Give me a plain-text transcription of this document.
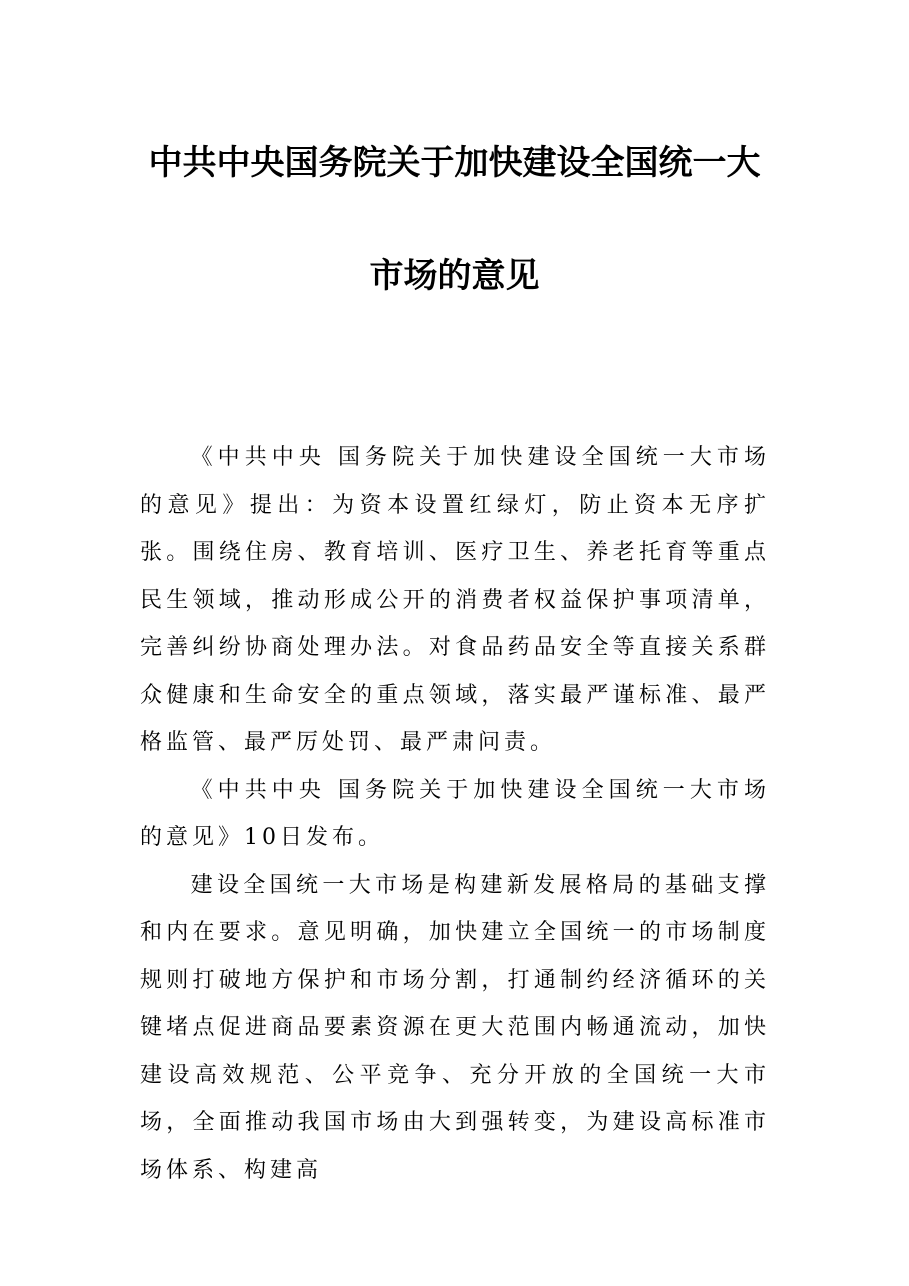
中共中央国务院关于加快建设全国统一大
市场的意见

《中共中央 国务院关于加快建设全国统一大市场的意见》提出：为资本设置红绿灯，防止资本无序扩张。围绕住房、教育培训、医疗卫生、养老托育等重点民生领域，推动形成公开的消费者权益保护事项清单，完善纠纷协商处理办法。对食品药品安全等直接关系群众健康和生命安全的重点领域，落实最严谨标准、最严格监管、最严厉处罚、最严肃问责。

《中共中央 国务院关于加快建设全国统一大市场的意见》10日发布。

建设全国统一大市场是构建新发展格局的基础支撑和内在要求。意见明确，加快建立全国统一的市场制度规则打破地方保护和市场分割，打通制约经济循环的关键堵点促进商品要素资源在更大范围内畅通流动，加快建设高效规范、公平竞争、充分开放的全国统一大市场，全面推动我国市场由大到强转变，为建设高标准市场体系、构建高
